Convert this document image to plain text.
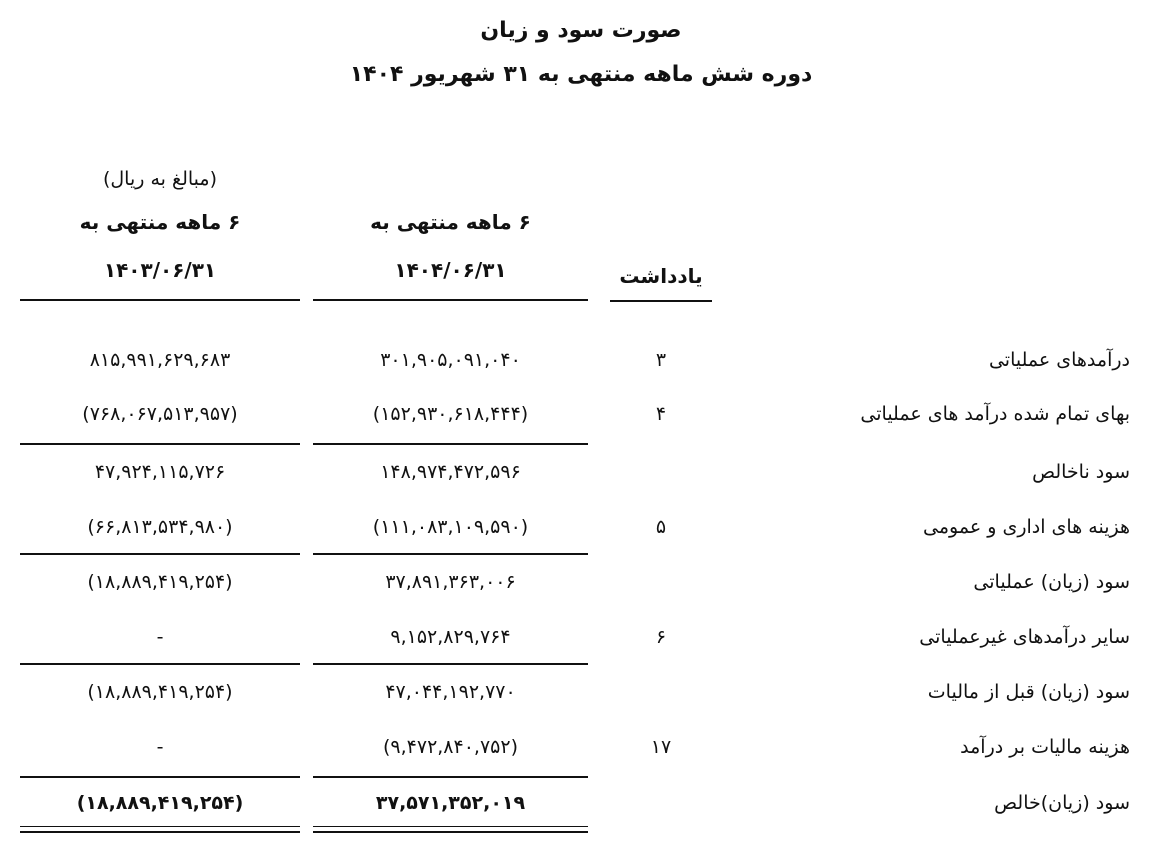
صورت سود و زیان
دوره شش ماهه منتهی به ۳۱ شهریور ۱۴۰۴
(مبالغ به ریال)
۶ ماهه منتهی به
۱۴۰۳/۰۶/۳۱
۶ ماهه منتهی به
۱۴۰۴/۰۶/۳۱	یادداشت
۸۱۵,۹۹۱,۶۲۹,۶۸۳	۳۰۱,۹۰۵,۰۹۱,۰۴۰	۳	درآمدهای عملیاتی
(۷۶۸,۰۶۷,۵۱۳,۹۵۷)	(۱۵۲,۹۳۰,۶۱۸,۴۴۴)	۴	بهای تمام شده درآمد های عملیاتی
۴۷,۹۲۴,۱۱۵,۷۲۶	۱۴۸,۹۷۴,۴۷۲,۵۹۶	سود ناخالص
(۶۶,۸۱۳,۵۳۴,۹۸۰)	(۱۱۱,۰۸۳,۱۰۹,۵۹۰)	۵	هزینه های اداری و عمومی
(۱۸,۸۸۹,۴۱۹,۲۵۴)	۳۷,۸۹۱,۳۶۳,۰۰۶	سود (زیان) عملیاتی
-	۹,۱۵۲,۸۲۹,۷۶۴	۶	سایر درآمدهای غیرعملیاتی
(۱۸,۸۸۹,۴۱۹,۲۵۴)	۴۷,۰۴۴,۱۹۲,۷۷۰	سود (زیان) قبل از مالیات
-	(۹,۴۷۲,۸۴۰,۷۵۲)	۱۷	هزینه مالیات بر درآمد
(۱۸,۸۸۹,۴۱۹,۲۵۴)	۳۷,۵۷۱,۳۵۲,۰۱۹	سود (زیان)خالص
